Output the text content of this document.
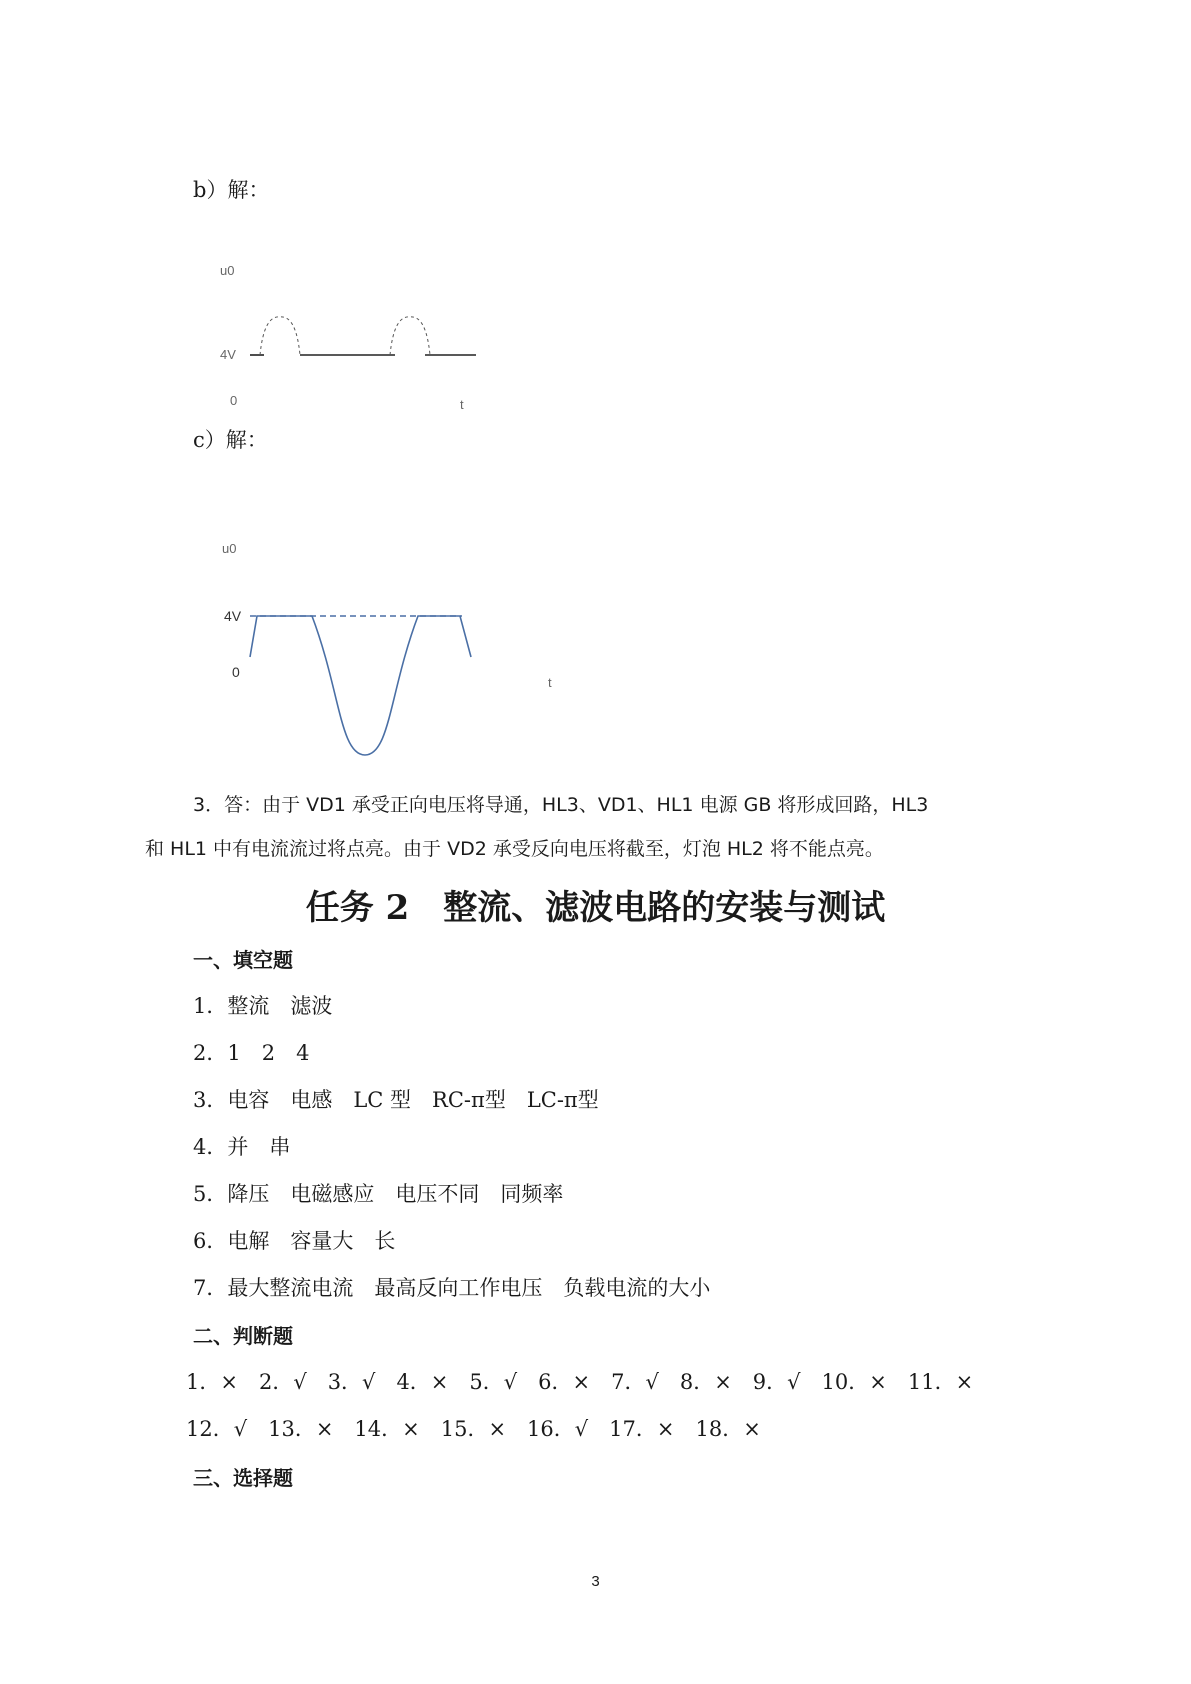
b）解：
u0
4V
0	t
c）解：
u0
4V
0
t
3．答：由于 VD1 承受正向电压将导通，HL3、VD1、HL1 电源 GB 将形成回路，HL3
和 HL1 中有电流流过将点亮。由于 VD2 承受反向电压将截至，灯泡 HL2 将不能点亮。
任务 2　整流、滤波电路的安装与测试
一、填空题
1．整流　滤波
2．1　2　4
3．电容　电感　LC 型　RC-π型　LC-π型
4．并　串
5．降压　电磁感应　电压不同　同频率
6．电解　容量大　长
7．最大整流电流　最高反向工作电压　负载电流的大小
二、判断题
1．×　2．√　3．√　4．×　5．√　6．×　7．√　8．×　9．√　10．×　11．×
12．√　13．×　14．×　15．×　16．√　17．×　18．×
三、选择题
3
